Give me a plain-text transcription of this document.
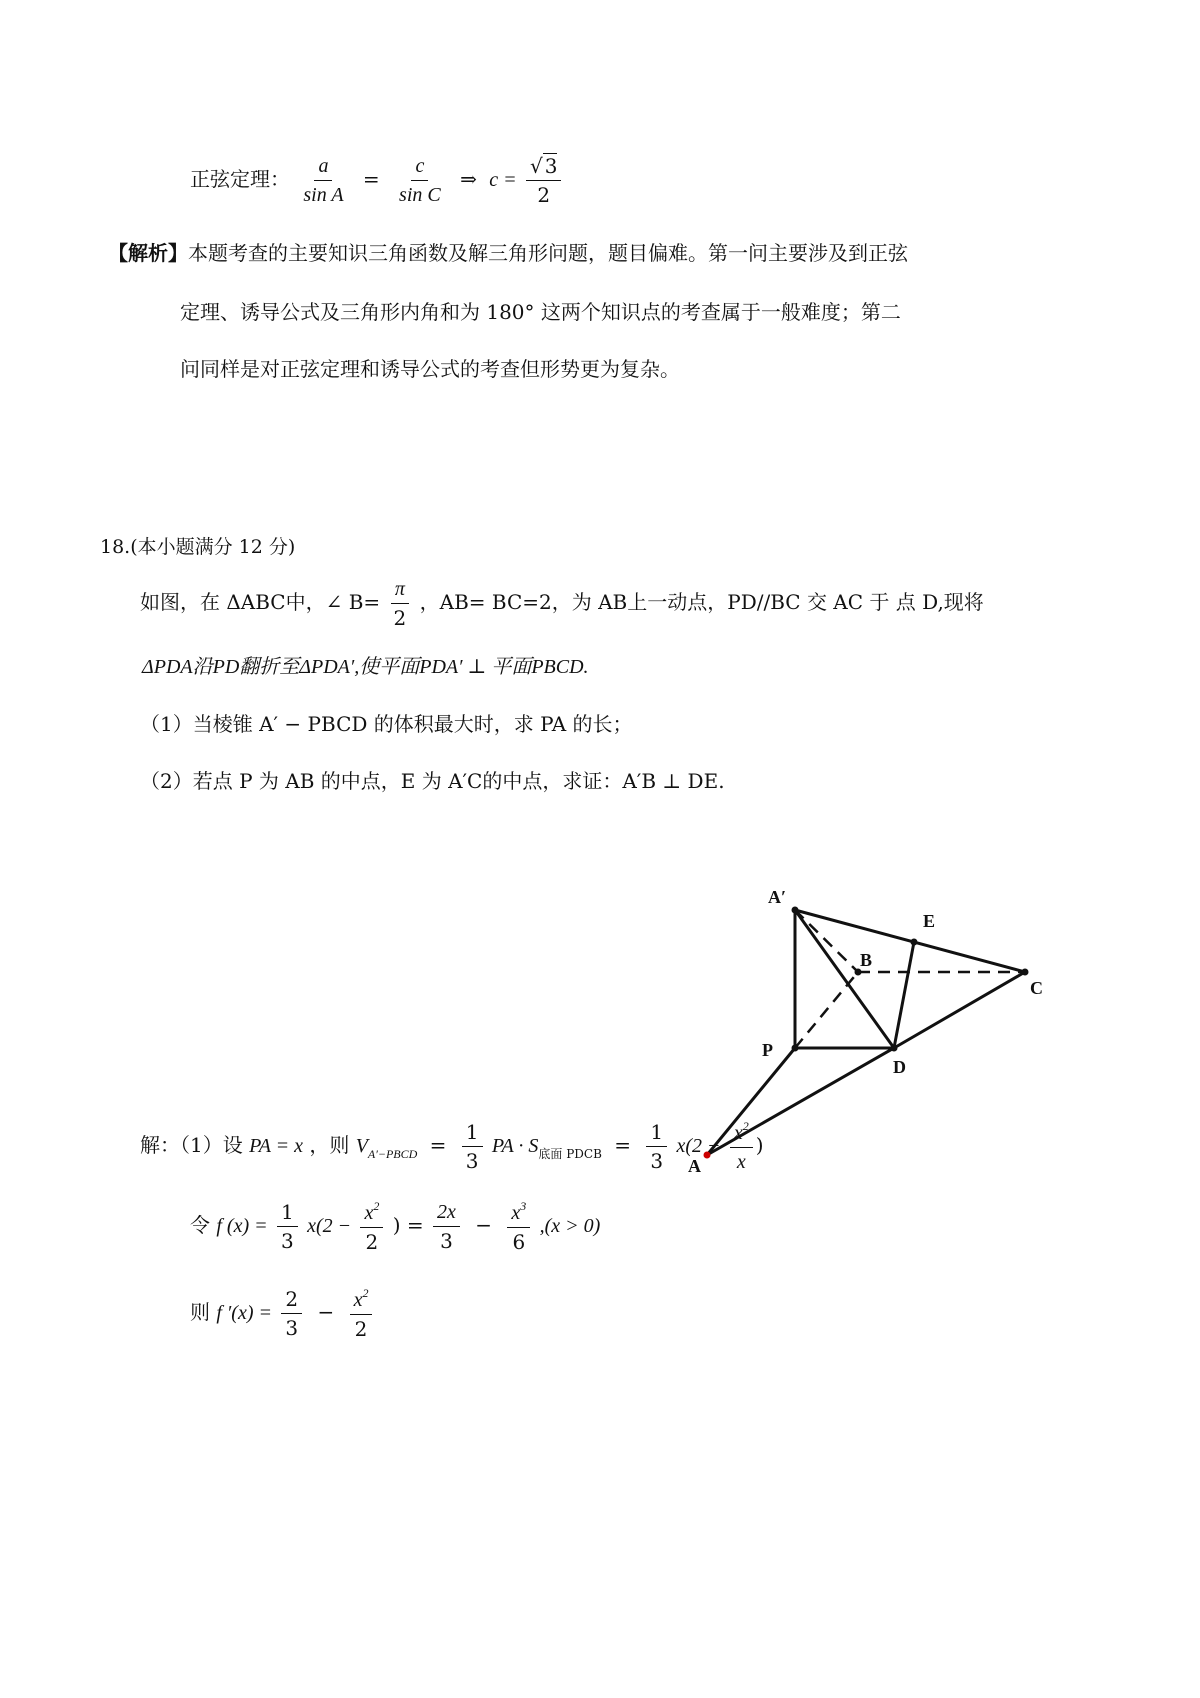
正弦定理： $\frac{a}{\text{sin A}} = \frac{c}{\text{sin C}}$ ⇒ $c = \frac{√ 3}{2}$
【解析】本题考查的主要知识三角函数及解三角形问题，题目偏难。第一问主要涉及到正弦
定理、诱导公式及三角形内角和为 180° 这两个知识点的考查属于一般难度；第二
问同样是对正弦定理和诱导公式的考查但形势更为复杂。
18.(本小题满分 12 分)
如图，在 ΔABC中，∠ $B= \frac{\pi}{2}$ ，AB= BC=2，为 AB上一动点，PD//BC 交 AC 于 点 D,现将
ΔPDA沿PD翻折至ΔPDA′,使平面PDA′ ⊥ 平面PBCD.
（1）当棱锥 A′ − PBCD 的体积最大时，求 PA 的长；
（2）若点 P 为 AB 的中点，E 为 A′C的中点，求证：A′B ⊥ DE.
A′
E
B
C
P
D
A
解：（1）设 PA = x ，则 $V_{A'-PBCD} = \frac{1}{3}$ PA · $S_{底面 PDCB} = \frac{1}{3} x(2 - \frac{x^2}{x}$ )
令 f $(x) = \frac{1}{3} x(2 - \frac{x^2}{2}$ ) = $\frac{2x}{3} - \frac{x^3}{6} ,(x > 0)$
则 f $'(x) = \frac{2}{3} - \frac{x^2}{2}$
